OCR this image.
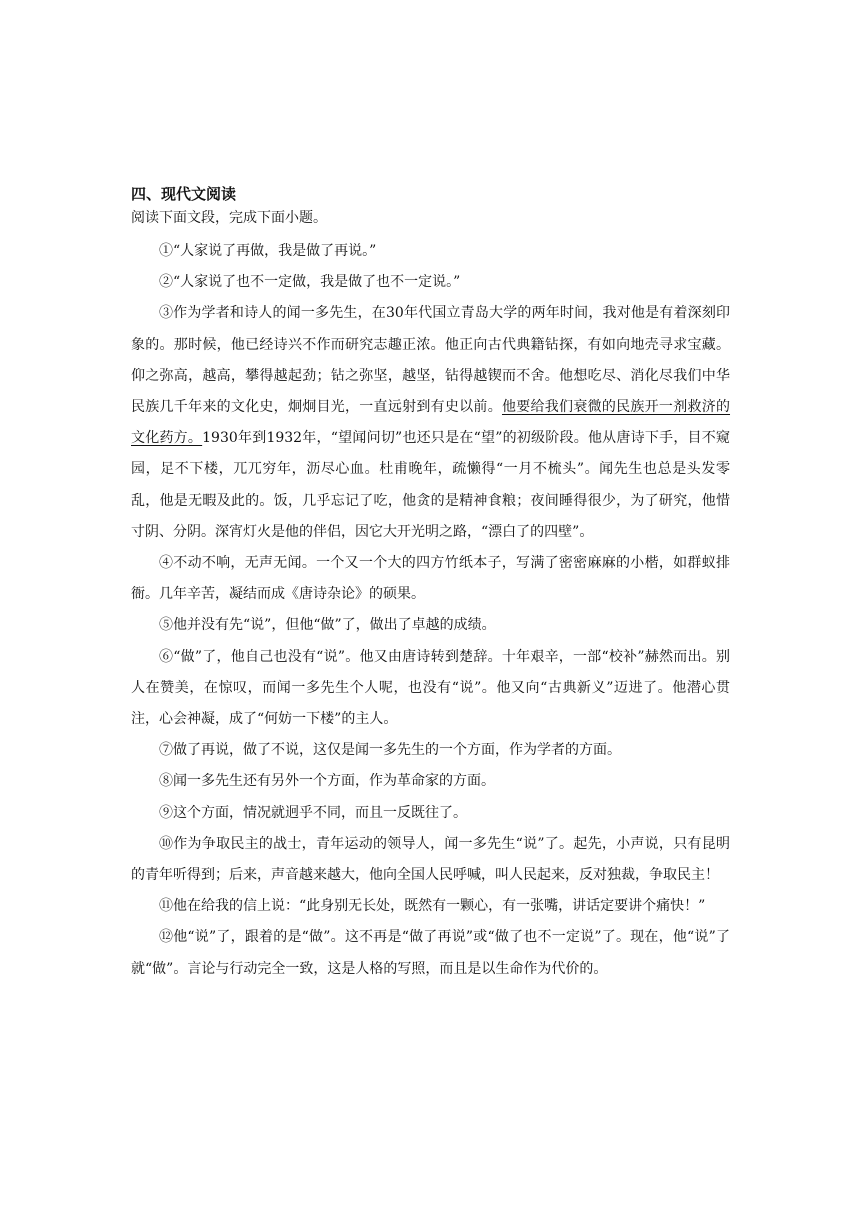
四、现代文阅读
阅读下面文段，完成下面小题。

①“人家说了再做，我是做了再说。”

②“人家说了也不一定做，我是做了也不一定说。”

③作为学者和诗人的闻一多先生，在30年代国立青岛大学的两年时间，我对他是有着深刻印象的。那时候，他已经诗兴不作而研究志趣正浓。他正向古代典籍钻探，有如向地壳寻求宝藏。仰之弥高，越高，攀得越起劲；钻之弥坚，越坚，钻得越锲而不舍。他想吃尽、消化尽我们中华民族几千年来的文化史，炯炯目光，一直远射到有史以前。他要给我们衰微的民族开一剂救济的文化药方。1930年到1932年，“望闻问切”也还只是在“望”的初级阶段。他从唐诗下手，目不窥园，足不下楼，兀兀穷年，沥尽心血。杜甫晚年，疏懒得“一月不梳头”。闻先生也总是头发零乱，他是无暇及此的。饭，几乎忘记了吃，他贪的是精神食粮；夜间睡得很少，为了研究，他惜寸阴、分阴。深宵灯火是他的伴侣，因它大开光明之路，“漂白了的四壁”。

④不动不响，无声无闻。一个又一个大的四方竹纸本子，写满了密密麻麻的小楷，如群蚁排衙。几年辛苦，凝结而成《唐诗杂论》的硕果。

⑤他并没有先“说”，但他“做”了，做出了卓越的成绩。

⑥“做”了，他自己也没有“说”。他又由唐诗转到楚辞。十年艰辛，一部“校补”赫然而出。别人在赞美，在惊叹，而闻一多先生个人呢，也没有“说”。他又向“古典新义”迈进了。他潜心贯注，心会神凝，成了“何妨一下楼”的主人。

⑦做了再说，做了不说，这仅是闻一多先生的一个方面，作为学者的方面。

⑧闻一多先生还有另外一个方面，作为革命家的方面。

⑨这个方面，情况就迥乎不同，而且一反既往了。

⑩作为争取民主的战士，青年运动的领导人，闻一多先生“说”了。起先，小声说，只有昆明的青年听得到；后来，声音越来越大，他向全国人民呼喊，叫人民起来，反对独裁，争取民主！

⑪他在给我的信上说：“此身别无长处，既然有一颗心，有一张嘴，讲话定要讲个痛快！”

⑫他“说”了，跟着的是“做”。这不再是“做了再说”或“做了也不一定说”了。现在，他“说”了就“做”。言论与行动完全一致，这是人格的写照，而且是以生命作为代价的。
